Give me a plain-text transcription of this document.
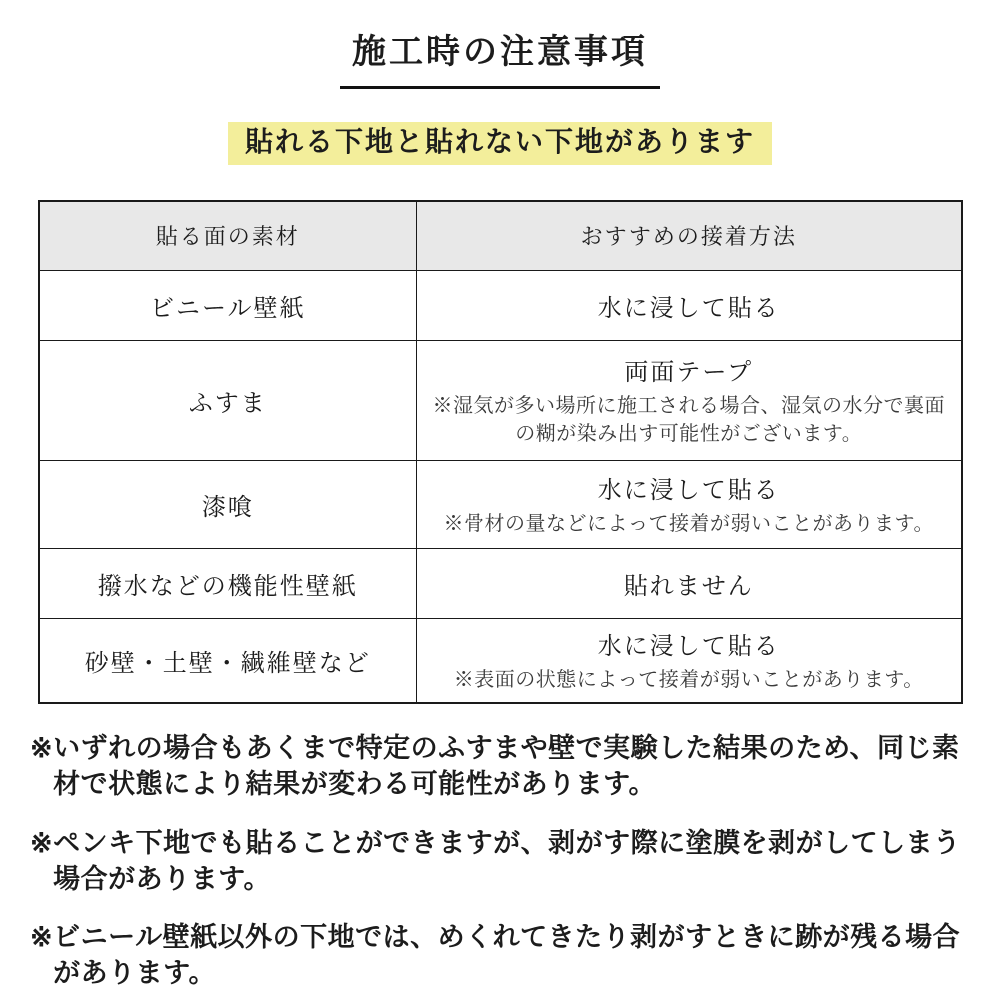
施工時の注意事項
貼れる下地と貼れない下地があります
貼る面の素材	おすすめの接着方法
ビニール壁紙	水に浸して貼る

ふすま	両面テープ
※湿気が多い場所に施工される場合、湿気の水分で裏面の糊が染み出す可能性がございます。

漆喰	水に浸して貼る
※骨材の量などによって接着が弱いことがあります。

撥水などの機能性壁紙	貼れません

砂壁・土壁・繊維壁など	水に浸して貼る
※表面の状態によって接着が弱いことがあります。
※ いずれの場合もあくまで特定のふすまや壁で実験した結果のため、同じ素材で状態により結果が変わる可能性があります。
※ ペンキ下地でも貼ることができますが、剥がす際に塗膜を剥がしてしまう場合があります。
※ ビニール壁紙以外の下地では、めくれてきたり剥がすときに跡が残る場合があります。
